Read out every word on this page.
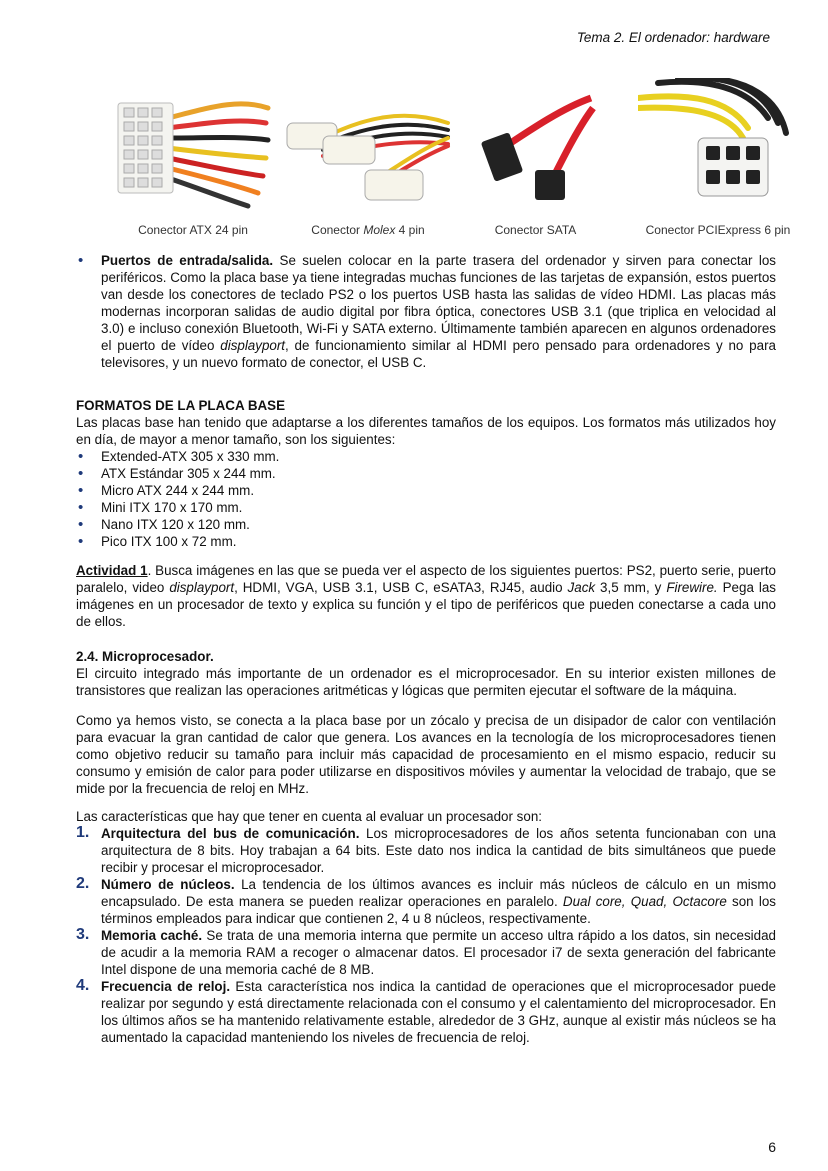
Tema 2. El ordenador: hardware
Conector ATX 24 pin	Conector Molex 4 pin	Conector SATA	Conector PCIExpress 6 pin

• Puertos de entrada/salida. Se suelen colocar en la parte trasera del ordenador y sirven para conectar los periféricos. Como la placa base ya tiene integradas muchas funciones de las tarjetas de expansión, estos puertos van desde los conectores de teclado PS2 o los puertos USB hasta las salidas de vídeo HDMI. Las placas más modernas incorporan salidas de audio digital por fibra óptica, conectores USB 3.1 (que triplica en velocidad al 3.0) e incluso conexión Bluetooth, Wi-Fi y SATA externo. Últimamente también aparecen en algunos ordenadores el puerto de vídeo displayport, de funcionamiento similar al HDMI pero pensado para ordenadores y no para televisores, y un nuevo formato de conector, el USB C.

FORMATOS DE LA PLACA BASE

Las placas base han tenido que adaptarse a los diferentes tamaños de los equipos. Los formatos más utilizados hoy en día, de mayor a menor tamaño, son los siguientes:

• Extended-ATX 305 x 330 mm.
• ATX Estándar 305 x 244 mm.
• Micro ATX 244 x 244 mm.
• Mini ITX 170 x 170 mm.
• Nano ITX 120 x 120 mm.
• Pico ITX 100 x 72 mm.

Actividad 1. Busca imágenes en las que se pueda ver el aspecto de los siguientes puertos: PS2, puerto serie, puerto paralelo, video displayport, HDMI, VGA, USB 3.1, USB C, eSATA3, RJ45, audio Jack 3,5 mm, y Firewire. Pega las imágenes en un procesador de texto y explica su función y el tipo de periféricos que pueden conectarse a cada uno de ellos.

2.4. Microprocesador.

El circuito integrado más importante de un ordenador es el microprocesador. En su interior existen millones de transistores que realizan las operaciones aritméticas y lógicas que permiten ejecutar el software de la máquina.

Como ya hemos visto, se conecta a la placa base por un zócalo y precisa de un disipador de calor con ventilación para evacuar la gran cantidad de calor que genera. Los avances en la tecnología de los microprocesadores tienen como objetivo reducir su tamaño para incluir más capacidad de procesamiento en el mismo espacio, reducir su consumo y emisión de calor para poder utilizarse en dispositivos móviles y aumentar la velocidad de trabajo, que se mide por la frecuencia de reloj en MHz.

Las características que hay que tener en cuenta al evaluar un procesador son:

1. Arquitectura del bus de comunicación. Los microprocesadores de los años setenta funcionaban con una arquitectura de 8 bits. Hoy trabajan a 64 bits. Este dato nos indica la cantidad de bits simultáneos que puede recibir y procesar el microprocesador.
2. Número de núcleos. La tendencia de los últimos avances es incluir más núcleos de cálculo en un mismo encapsulado. De esta manera se pueden realizar operaciones en paralelo. Dual core, Quad, Octacore son los términos empleados para indicar que contienen 2, 4 u 8 núcleos, respectivamente.
3. Memoria caché. Se trata de una memoria interna que permite un acceso ultra rápido a los datos, sin necesidad de acudir a la memoria RAM a recoger o almacenar datos. El procesador i7 de sexta generación del fabricante Intel dispone de una memoria caché de 8 MB.
4. Frecuencia de reloj. Esta característica nos indica la cantidad de operaciones que el microprocesador puede realizar por segundo y está directamente relacionada con el consumo y el calentamiento del microprocesador. En los últimos años se ha mantenido relativamente estable, alrededor de 3 GHz, aunque al existir más núcleos se ha aumentado la capacidad manteniendo los niveles de frecuencia de reloj.
6
